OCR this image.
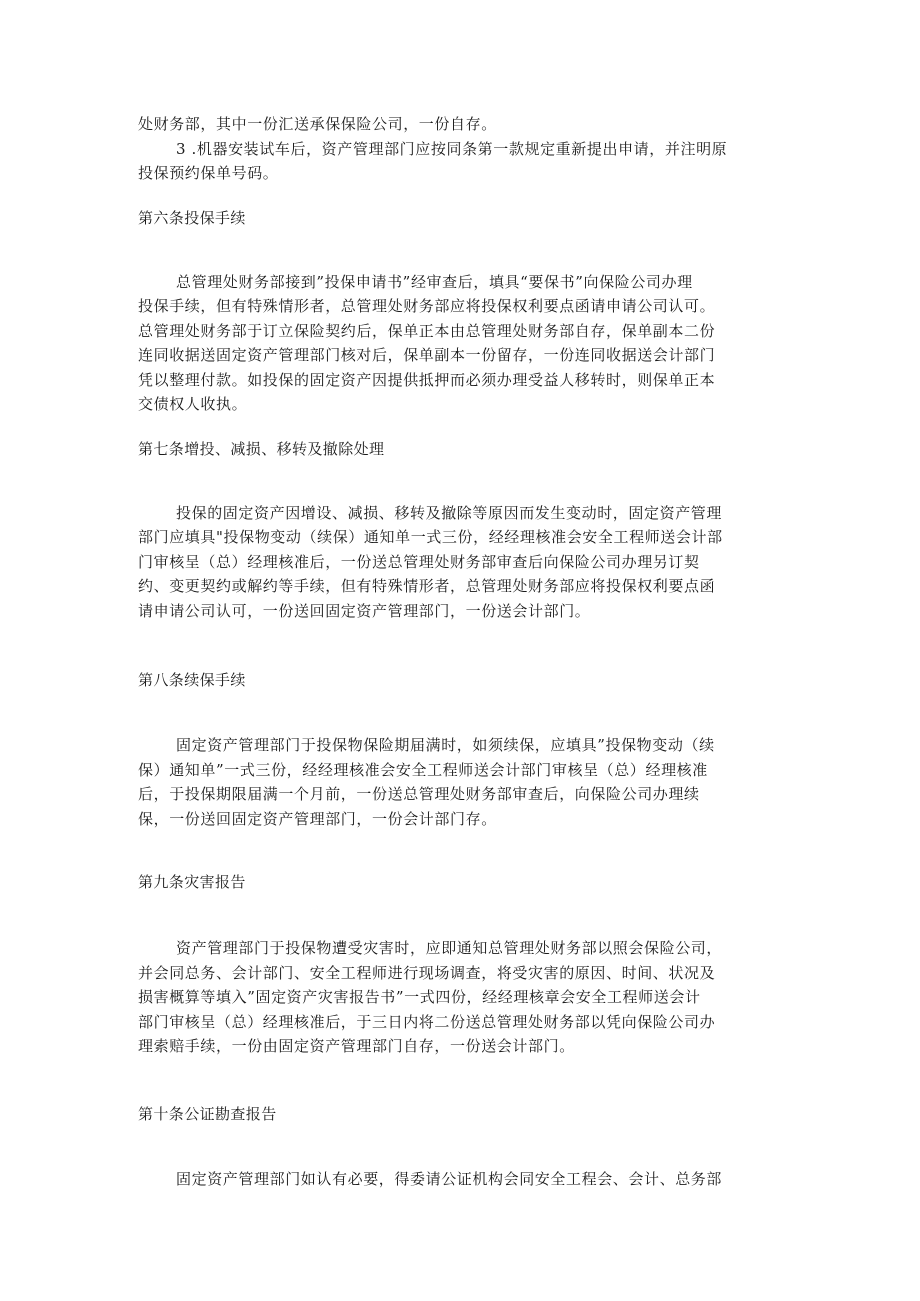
处财务部，其中一份汇送承保保险公司，一份自存。
3 .机器安装试车后，资产管理部门应按同条第一款规定重新提出申请，并注明原
投保预约保单号码。
第六条投保手续
总管理处财务部接到”投保申请书”经审查后，填具“要保书”向保险公司办理
投保手续，但有特殊情形者，总管理处财务部应将投保权利要点函请申请公司认可。
总管理处财务部于订立保险契约后，保单正本由总管理处财务部自存，保单副本二份
连同收据送固定资产管理部门核对后，保单副本一份留存，一份连同收据送会计部门
凭以整理付款。如投保的固定资产因提供抵押而必须办理受益人移转时，则保单正本
交债权人收执。
第七条增投、减损、移转及撤除处理
投保的固定资产因增设、减损、移转及撤除等原因而发生变动时，固定资产管理
部门应填具"投保物变动（续保）通知单一式三份，经经理核准会安全工程师送会计部
门审核呈（总）经理核准后，一份送总管理处财务部审查后向保险公司办理另订契
约、变更契约或解约等手续，但有特殊情形者，总管理处财务部应将投保权利要点函
请申请公司认可，一份送回固定资产管理部门，一份送会计部门。
第八条续保手续
固定资产管理部门于投保物保险期届满时，如须续保，应填具”投保物变动（续
保）通知单”一式三份，经经理核准会安全工程师送会计部门审核呈（总）经理核准
后，于投保期限届满一个月前，一份送总管理处财务部审查后，向保险公司办理续
保，一份送回固定资产管理部门，一份会计部门存。
第九条灾害报告
资产管理部门于投保物遭受灾害时，应即通知总管理处财务部以照会保险公司，
并会同总务、会计部门、安全工程师进行现场调查，将受灾害的原因、时间、状况及
损害概算等填入”固定资产灾害报告书”一式四份，经经理核章会安全工程师送会计
部门审核呈（总）经理核准后，于三日内将二份送总管理处财务部以凭向保险公司办
理索赔手续，一份由固定资产管理部门自存，一份送会计部门。
第十条公证勘查报告
固定资产管理部门如认有必要，得委请公证机构会同安全工程会、会计、总务部
